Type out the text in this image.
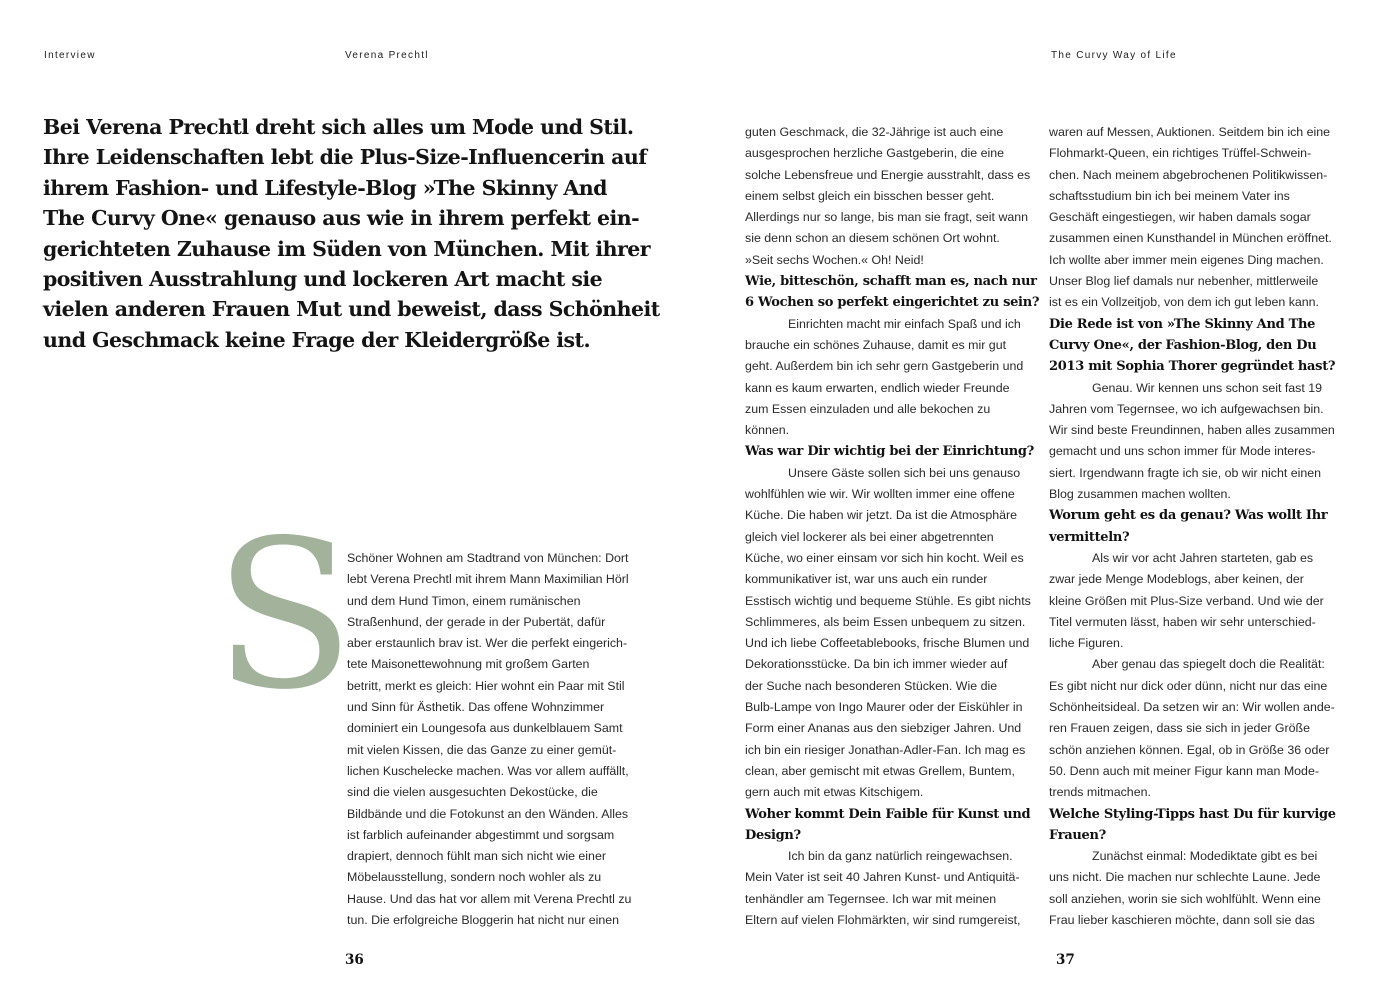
Interview	Verena Prechtl	The Curvy Way of Life
Bei Verena Prechtl dreht sich alles um Mode und Stil.
Ihre Leidenschaften lebt die Plus-Size-Influencerin auf
ihrem Fashion- und Lifestyle-Blog »The Skinny And
The Curvy One« genauso aus wie in ihrem perfekt ein-
gerichteten Zuhause im Süden von München. Mit ihrer
positiven Ausstrahlung und lockeren Art macht sie
vielen anderen Frauen Mut und beweist, dass Schönheit
und Geschmack keine Frage der Kleidergröße ist.
S
Schöner Wohnen am Stadtrand von München: Dort
lebt Verena Prechtl mit ihrem Mann Maximilian Hörl
und dem Hund Timon, einem rumänischen
Straßenhund, der gerade in der Pubertät, dafür
aber erstaunlich brav ist. Wer die perfekt eingerich-
tete Maisonettewohnung mit großem Garten
betritt, merkt es gleich: Hier wohnt ein Paar mit Stil
und Sinn für Ästhetik. Das offene Wohnzimmer
dominiert ein Loungesofa aus dunkelblauem Samt
mit vielen Kissen, die das Ganze zu einer gemüt-
lichen Kuschelecke machen. Was vor allem auffällt,
sind die vielen ausgesuchten Dekostücke, die
Bildbände und die Fotokunst an den Wänden. Alles
ist farblich aufeinander abgestimmt und sorgsam
drapiert, dennoch fühlt man sich nicht wie einer
Möbelausstellung, sondern noch wohler als zu
Hause. Und das hat vor allem mit Verena Prechtl zu
tun. Die erfolgreiche Bloggerin hat nicht nur einen
guten Geschmack, die 32-Jährige ist auch eine
ausgesprochen herzliche Gastgeberin, die eine
solche Lebensfreue und Energie ausstrahlt, dass es
einem selbst gleich ein bisschen besser geht.
Allerdings nur so lange, bis man sie fragt, seit wann
sie denn schon an diesem schönen Ort wohnt.
»Seit sechs Wochen.« Oh! Neid!
Wie, bitteschön, schafft man es, nach nur
6 Wochen so perfekt eingerichtet zu sein?
Einrichten macht mir einfach Spaß und ich
brauche ein schönes Zuhause, damit es mir gut
geht. Außerdem bin ich sehr gern Gastgeberin und
kann es kaum erwarten, endlich wieder Freunde
zum Essen einzuladen und alle bekochen zu
können.
Was war Dir wichtig bei der Einrichtung?
Unsere Gäste sollen sich bei uns genauso
wohlfühlen wie wir. Wir wollten immer eine offene
Küche. Die haben wir jetzt. Da ist die Atmosphäre
gleich viel lockerer als bei einer abgetrennten
Küche, wo einer einsam vor sich hin kocht. Weil es
kommunikativer ist, war uns auch ein runder
Esstisch wichtig und bequeme Stühle. Es gibt nichts
Schlimmeres, als beim Essen unbequem zu sitzen.
Und ich liebe Coffeetablebooks, frische Blumen und
Dekorationsstücke. Da bin ich immer wieder auf
der Suche nach besonderen Stücken. Wie die
Bulb-Lampe von Ingo Maurer oder der Eiskühler in
Form einer Ananas aus den siebziger Jahren. Und
ich bin ein riesiger Jonathan-Adler-Fan. Ich mag es
clean, aber gemischt mit etwas Grellem, Buntem,
gern auch mit etwas Kitschigem.
Woher kommt Dein Faible für Kunst und
Design?
Ich bin da ganz natürlich reingewachsen.
Mein Vater ist seit 40 Jahren Kunst- und Antiquitä-
tenhändler am Tegernsee. Ich war mit meinen
Eltern auf vielen Flohmärkten, wir sind rumgereist,
waren auf Messen, Auktionen. Seitdem bin ich eine
Flohmarkt-Queen, ein richtiges Trüffel-Schwein-
chen. Nach meinem abgebrochenen Politikwissen-
schaftsstudium bin ich bei meinem Vater ins
Geschäft eingestiegen, wir haben damals sogar
zusammen einen Kunsthandel in München eröffnet.
Ich wollte aber immer mein eigenes Ding machen.
Unser Blog lief damals nur nebenher, mittlerweile
ist es ein Vollzeitjob, von dem ich gut leben kann.
Die Rede ist von »The Skinny And The
Curvy One«, der Fashion-Blog, den Du
2013 mit Sophia Thorer gegründet hast?
Genau. Wir kennen uns schon seit fast 19
Jahren vom Tegernsee, wo ich aufgewachsen bin.
Wir sind beste Freundinnen, haben alles zusammen
gemacht und uns schon immer für Mode interes-
siert. Irgendwann fragte ich sie, ob wir nicht einen
Blog zusammen machen wollten.
Worum geht es da genau? Was wollt Ihr
vermitteln?
Als wir vor acht Jahren starteten, gab es
zwar jede Menge Modeblogs, aber keinen, der
kleine Größen mit Plus-Size verband. Und wie der
Titel vermuten lässt, haben wir sehr unterschied-
liche Figuren.
Aber genau das spiegelt doch die Realität:
Es gibt nicht nur dick oder dünn, nicht nur das eine
Schönheitsideal. Da setzen wir an: Wir wollen ande-
ren Frauen zeigen, dass sie sich in jeder Größe
schön anziehen können. Egal, ob in Größe 36 oder
50. Denn auch mit meiner Figur kann man Mode-
trends mitmachen.
Welche Styling-Tipps hast Du für kurvige
Frauen?
Zunächst einmal: Modediktate gibt es bei
uns nicht. Die machen nur schlechte Laune. Jede
soll anziehen, worin sie sich wohlfühlt. Wenn eine
Frau lieber kaschieren möchte, dann soll sie das
36	37
